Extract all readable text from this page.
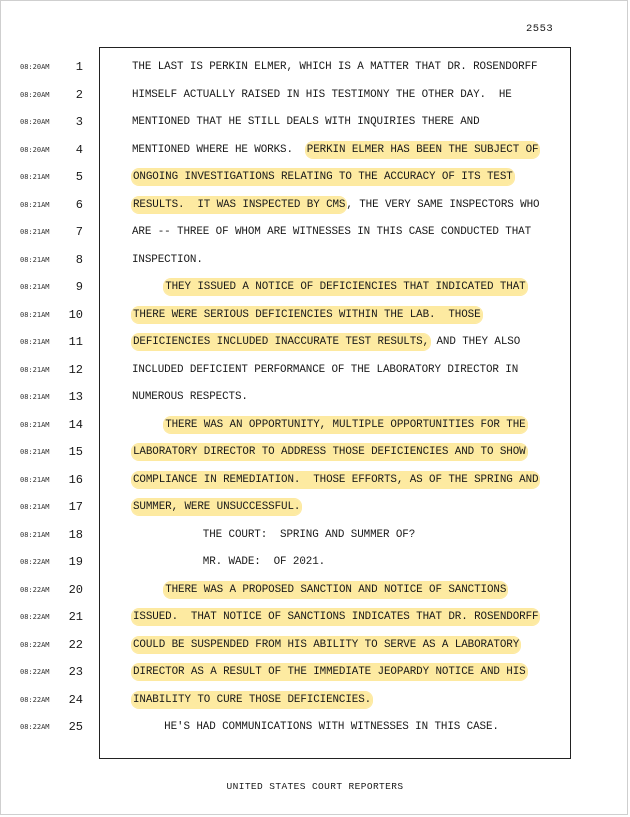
2553
08:20AM	1	THE LAST IS PERKIN ELMER, WHICH IS A MATTER THAT DR. ROSENDORFF
08:20AM	2	HIMSELF ACTUALLY RAISED IN HIS TESTIMONY THE OTHER DAY.  HE
08:20AM	3	MENTIONED THAT HE STILL DEALS WITH INQUIRIES THERE AND
08:20AM	4	MENTIONED WHERE HE WORKS.  PERKIN ELMER HAS BEEN THE SUBJECT OF
08:21AM	5	ONGOING INVESTIGATIONS RELATING TO THE ACCURACY OF ITS TEST
08:21AM	6	RESULTS.  IT WAS INSPECTED BY CMS, THE VERY SAME INSPECTORS WHO
08:21AM	7	ARE -- THREE OF WHOM ARE WITNESSES IN THIS CASE CONDUCTED THAT
08:21AM	8	INSPECTION.
08:21AM	9	THEY ISSUED A NOTICE OF DEFICIENCIES THAT INDICATED THAT
08:21AM	10	THERE WERE SERIOUS DEFICIENCIES WITHIN THE LAB.  THOSE
08:21AM	11	DEFICIENCIES INCLUDED INACCURATE TEST RESULTS, AND THEY ALSO
08:21AM	12	INCLUDED DEFICIENT PERFORMANCE OF THE LABORATORY DIRECTOR IN
08:21AM	13	NUMEROUS RESPECTS.
08:21AM	14	THERE WAS AN OPPORTUNITY, MULTIPLE OPPORTUNITIES FOR THE
08:21AM	15	LABORATORY DIRECTOR TO ADDRESS THOSE DEFICIENCIES AND TO SHOW
08:21AM	16	COMPLIANCE IN REMEDIATION.  THOSE EFFORTS, AS OF THE SPRING AND
08:21AM	17	SUMMER, WERE UNSUCCESSFUL.
08:21AM	18	THE COURT:  SPRING AND SUMMER OF?
08:22AM	19	MR. WADE:  OF 2021.
08:22AM	20	THERE WAS A PROPOSED SANCTION AND NOTICE OF SANCTIONS
08:22AM	21	ISSUED.  THAT NOTICE OF SANCTIONS INDICATES THAT DR. ROSENDORFF
08:22AM	22	COULD BE SUSPENDED FROM HIS ABILITY TO SERVE AS A LABORATORY
08:22AM	23	DIRECTOR AS A RESULT OF THE IMMEDIATE JEOPARDY NOTICE AND HIS
08:22AM	24	INABILITY TO CURE THOSE DEFICIENCIES.
08:22AM	25	HE'S HAD COMMUNICATIONS WITH WITNESSES IN THIS CASE.
UNITED STATES COURT REPORTERS
